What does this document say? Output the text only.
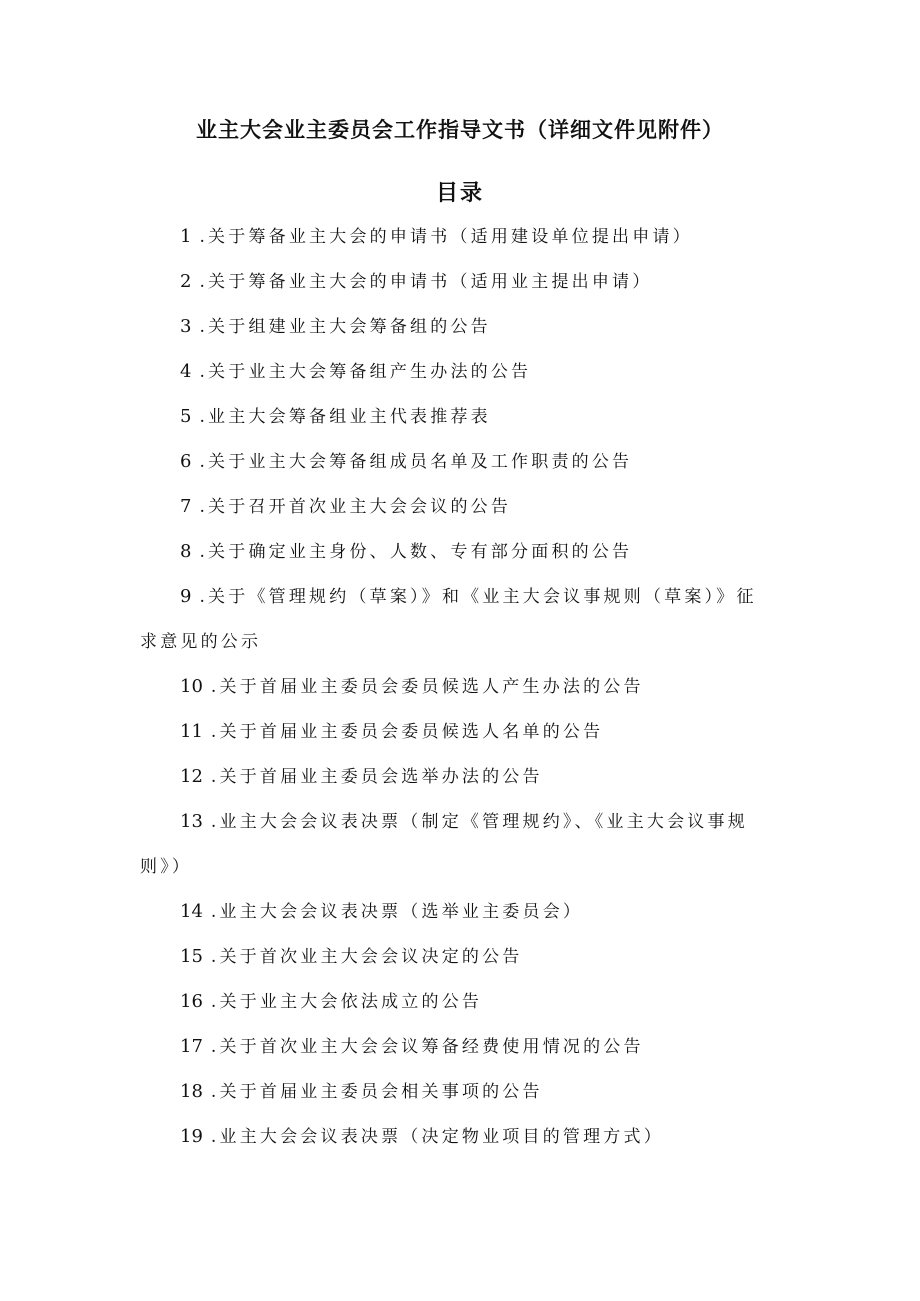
业主大会业主委员会工作指导文书（详细文件见附件）
目录
1 .关于筹备业主大会的申请书（适用建设单位提出申请）
2 .关于筹备业主大会的申请书（适用业主提出申请）
3 .关于组建业主大会筹备组的公告
4 .关于业主大会筹备组产生办法的公告
5 .业主大会筹备组业主代表推荐表
6 .关于业主大会筹备组成员名单及工作职责的公告
7 .关于召开首次业主大会会议的公告
8 .关于确定业主身份、人数、专有部分面积的公告
9 .关于《管理规约（草案）》和《业主大会议事规则（草案）》征
求意见的公示
10 .关于首届业主委员会委员候选人产生办法的公告
11 .关于首届业主委员会委员候选人名单的公告
12 .关于首届业主委员会选举办法的公告
13 .业主大会会议表决票（制定《管理规约》、《业主大会议事规
则》）
14 .业主大会会议表决票（选举业主委员会）
15 .关于首次业主大会会议决定的公告
16 .关于业主大会依法成立的公告
17 .关于首次业主大会会议筹备经费使用情况的公告
18 .关于首届业主委员会相关事项的公告
19 .业主大会会议表决票（决定物业项目的管理方式）
